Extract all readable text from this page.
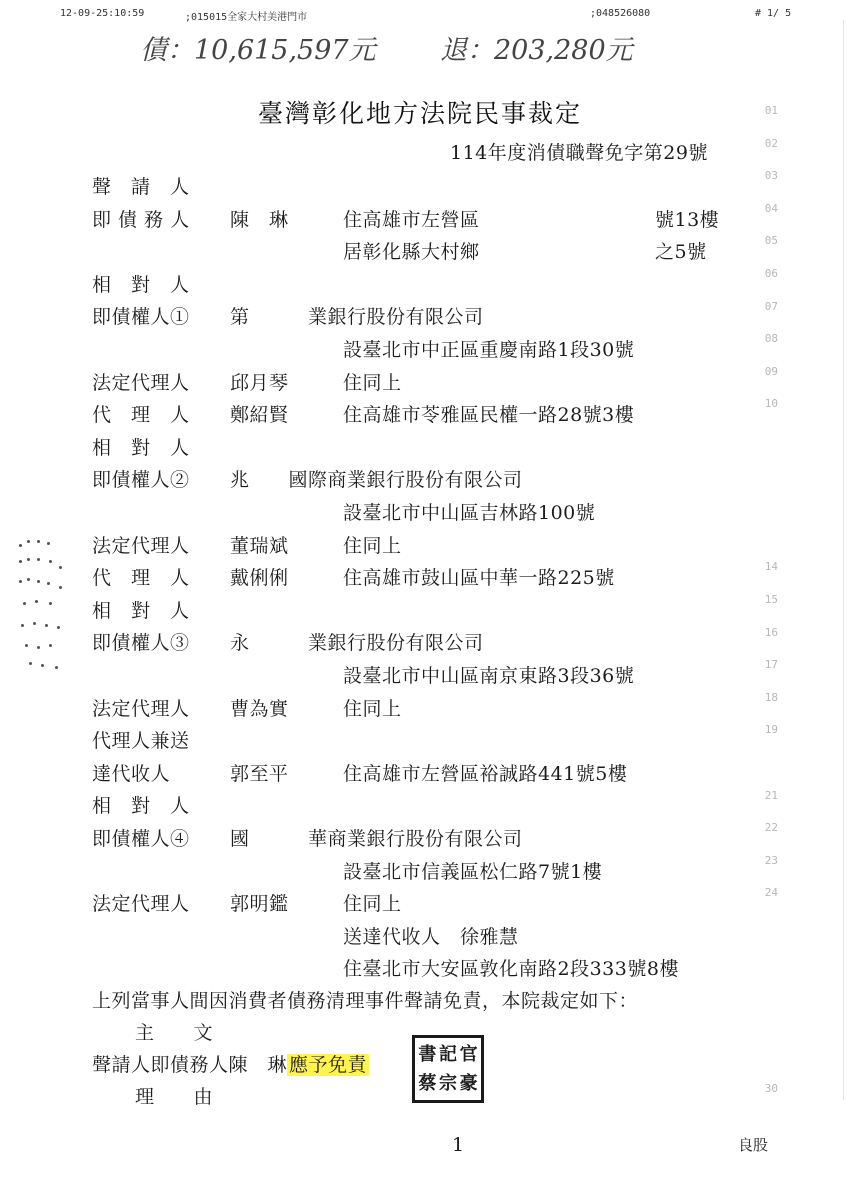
12-09-25:10:59	;015015全家大村美港門市	;048526080	# 1/ 5
債：10,615,597元 退：203,280元
臺灣彰化地方法院民事裁定
114年度消債職聲免字第29號
聲　請　人
即 債 務 人 陳　琳	住高雄市左營區　　　　　　　　　號13樓
居彰化縣大村鄉　　　　　　　　　之5號
相　對　人
即債權人① 第　　　業銀行股份有限公司
設臺北市中正區重慶南路1段30號
法定代理人 邱月琴	住同上
代　理　人 鄭紹賢	住高雄市苓雅區民權一路28號3樓
相　對　人
即債權人② 兆　　國際商業銀行股份有限公司
設臺北市中山區吉林路100號
法定代理人 董瑞斌	住同上
代　理　人 戴俐俐	住高雄市鼓山區中華一路225號
相　對　人
即債權人③ 永　　　業銀行股份有限公司
設臺北市中山區南京東路3段36號
法定代理人 曹為實	住同上
代理人兼送
達代收人	郭至平	住高雄市左營區裕誠路441號5樓
相　對　人
即債權人④ 國　　　華商業銀行股份有限公司
設臺北市信義區松仁路7號1樓
法定代理人 郭明鑑	住同上
送達代收人　徐雅慧
住臺北市大安區敦化南路2段333號8樓
上列當事人間因消費者債務清理事件聲請免責，本院裁定如下：
主　　文
聲請人即債務人陳　琳 應予免責
理　　由
書 記 官
蔡 宗 豪
1	良股
01
02
03
04
05
06
07
08
09
10
14
15
16
17
18
19
21
22
23
24
30
